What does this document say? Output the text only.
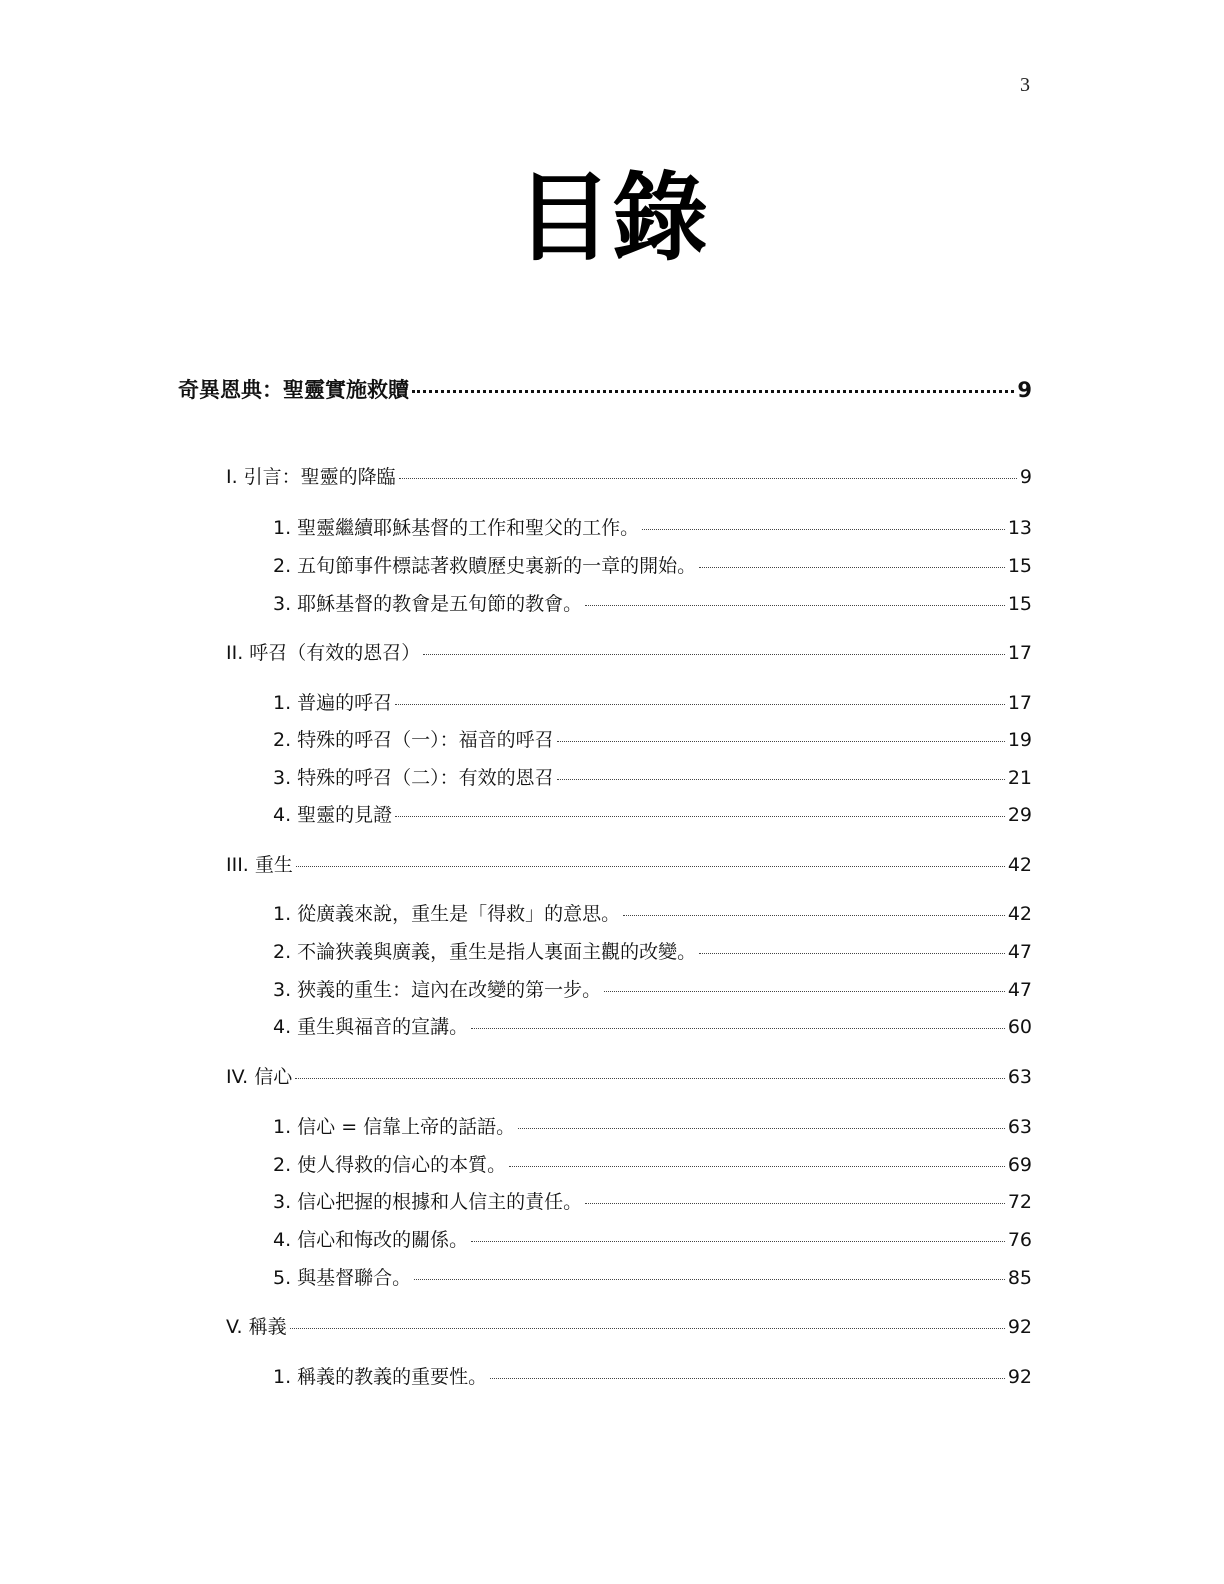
3
目錄
奇異恩典：聖靈實施救贖	9
I. 引言：聖靈的降臨	9
1. 聖靈繼續耶穌基督的工作和聖父的工作。	13
2. 五旬節事件標誌著救贖歷史裏新的一章的開始。	15
3. 耶穌基督的教會是五旬節的教會。	15
II. 呼召（有效的恩召）	17
1. 普遍的呼召	17
2. 特殊的呼召（一）：福音的呼召	19
3. 特殊的呼召（二）：有效的恩召	21
4. 聖靈的見證	29
III. 重生	42
1. 從廣義來說，重生是「得救」的意思。	42
2. 不論狹義與廣義，重生是指人裏面主觀的改變。	47
3. 狹義的重生：這內在改變的第一步。	47
4. 重生與福音的宣講。	60
IV. 信心	63
1. 信心 = 信靠上帝的話語。	63
2. 使人得救的信心的本質。	69
3. 信心把握的根據和人信主的責任。	72
4. 信心和悔改的關係。	76
5. 與基督聯合。	85
V. 稱義	92
1. 稱義的教義的重要性。	92
